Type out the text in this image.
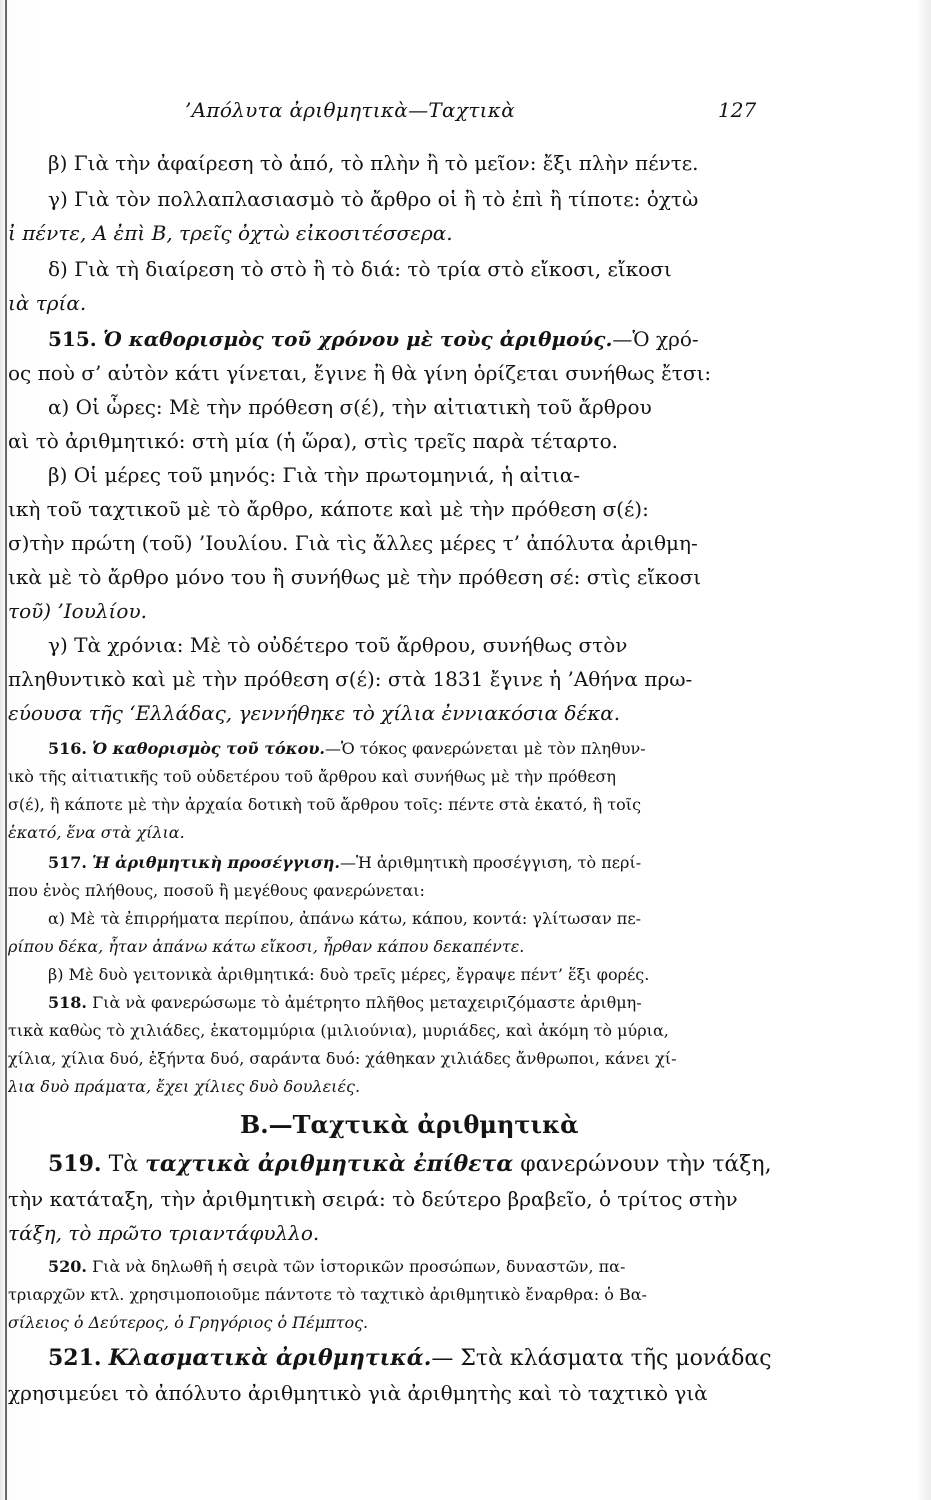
’Απόλυτα ἀριθμητικὰ—Ταχτικὰ	127
β) Γιὰ τὴν ἀφαίρεση τὸ ἀπό, τὸ πλὴν ἢ τὸ μεῖον: ἔξι πλὴν πέντε.
γ) Γιὰ τὸν πολλαπλασιασμὸ τὸ ἄρθρο οἱ ἢ τὸ ἐπὶ ἢ τίποτε: ὀχτὼ
ἰ πέντε, Α ἐπὶ Β, τρεῖς ὀχτὼ εἰκοσιτέσσερα.
δ) Γιὰ τὴ διαίρεση τὸ στὸ ἢ τὸ διά: τὸ τρία στὸ εἴκοσι, εἴκοσι
ιὰ τρία.
515. Ὁ καθορισμὸς τοῦ χρόνου μὲ τοὺς ἀριθμούς.—Ὁ χρό-
ος ποὺ σ’ αὐτὸν κάτι γίνεται, ἔγινε ἢ θὰ γίνη ὁρίζεται συνήθως ἔτσι:
α) Οἱ ὧρες: Μὲ τὴν πρόθεση σ(έ), τὴν αἰτιατικὴ τοῦ ἄρθρου
αὶ τὸ ἀριθμητικό: στὴ μία (ἡ ὥρα), στὶς τρεῖς παρὰ τέταρτο.
β) Οἱ μέρες τοῦ μηνός: Γιὰ τὴν πρωτομηνιά, ἡ αἰτια-
ικὴ τοῦ ταχτικοῦ μὲ τὸ ἄρθρο, κάποτε καὶ μὲ τὴν πρόθεση σ(έ):
σ)τὴν πρώτη (τοῦ) ’Ιουλίου. Γιὰ τὶς ἄλλες μέρες τ’ ἀπόλυτα ἀριθμη-
ικὰ μὲ τὸ ἄρθρο μόνο του ἢ συνήθως μὲ τὴν πρόθεση σέ: στὶς εἴκοσι
τοῦ) ’Ιουλίου.
γ) Τὰ χρόνια: Μὲ τὸ οὐδέτερο τοῦ ἄρθρου, συνήθως στὸν
πληθυντικὸ καὶ μὲ τὴν πρόθεση σ(έ): στὰ 1831 ἔγινε ἡ ’Αθήνα πρω-
εύουσα τῆς ‘Ελλάδας, γεννήθηκε τὸ χίλια ἐννιακόσια δέκα.
516. Ὁ καθορισμὸς τοῦ τόκου.—Ὁ τόκος φανερώνεται μὲ τὸν πληθυν-
ικὸ τῆς αἰτιατικῆς τοῦ οὐδετέρου τοῦ ἄρθρου καὶ συνήθως μὲ τὴν πρόθεση
σ(έ), ἢ κάποτε μὲ τὴν ἀρχαία δοτικὴ τοῦ ἄρθρου τοῖς: πέντε στὰ ἑκατό, ἢ τοῖς
ἑκατό, ἕνα στὰ χίλια.
517. Ἡ ἀριθμητικὴ προσέγγιση.—Ἡ ἀριθμητικὴ προσέγγιση, τὸ περί-
που ἑνὸς πλήθους, ποσοῦ ἢ μεγέθους φανερώνεται:
α) Μὲ τὰ ἐπιρρήματα περίπου, ἀπάνω κάτω, κάπου, κοντά: γλίτωσαν πε-
ρίπου δέκα, ἦταν ἀπάνω κάτω εἴκοσι, ἦρθαν κάπου δεκαπέντε.
β) Μὲ δυὸ γειτονικὰ ἀριθμητικά: δυὸ τρεῖς μέρες, ἔγραψε πέντ’ ἕξι φορές.
518. Γιὰ νὰ φανερώσωμε τὸ ἀμέτρητο πλῆθος μεταχειριζόμαστε ἀριθμη-
τικὰ καθὼς τὸ χιλιάδες, ἑκατομμύρια (μιλιούνια), μυριάδες, καὶ ἀκόμη τὸ μύρια,
χίλια, χίλια δυό, ἑξήντα δυό, σαράντα δυό: χάθηκαν χιλιάδες ἄνθρωποι, κάνει χί-
λια δυὸ πράματα, ἔχει χίλιες δυὸ δουλειές.
Β.—Ταχτικὰ ἀριθμητικὰ
519. Τὰ ταχτικὰ ἀριθμητικὰ ἐπίθετα φανερώνουν τὴν τάξη,
τὴν κατάταξη, τὴν ἀριθμητικὴ σειρά: τὸ δεύτερο βραβεῖο, ὁ τρίτος στὴν
τάξη, τὸ πρῶτο τριαντάφυλλο.
520. Γιὰ νὰ δηλωθῆ ἡ σειρὰ τῶν ἱστορικῶν προσώπων, δυναστῶν, πα-
τριαρχῶν κτλ. χρησιμοποιοῦμε πάντοτε τὸ ταχτικὸ ἀριθμητικὸ ἔναρθρα: ὁ Βα-
σίλειος ὁ Δεύτερος, ὁ Γρηγόριος ὁ Πέμπτος.
521. Κλασματικὰ ἀριθμητικά.— Στὰ κλάσματα τῆς μονάδας
χρησιμεύει τὸ ἀπόλυτο ἀριθμητικὸ γιὰ ἀριθμητὴς καὶ τὸ ταχτικὸ γιὰ
